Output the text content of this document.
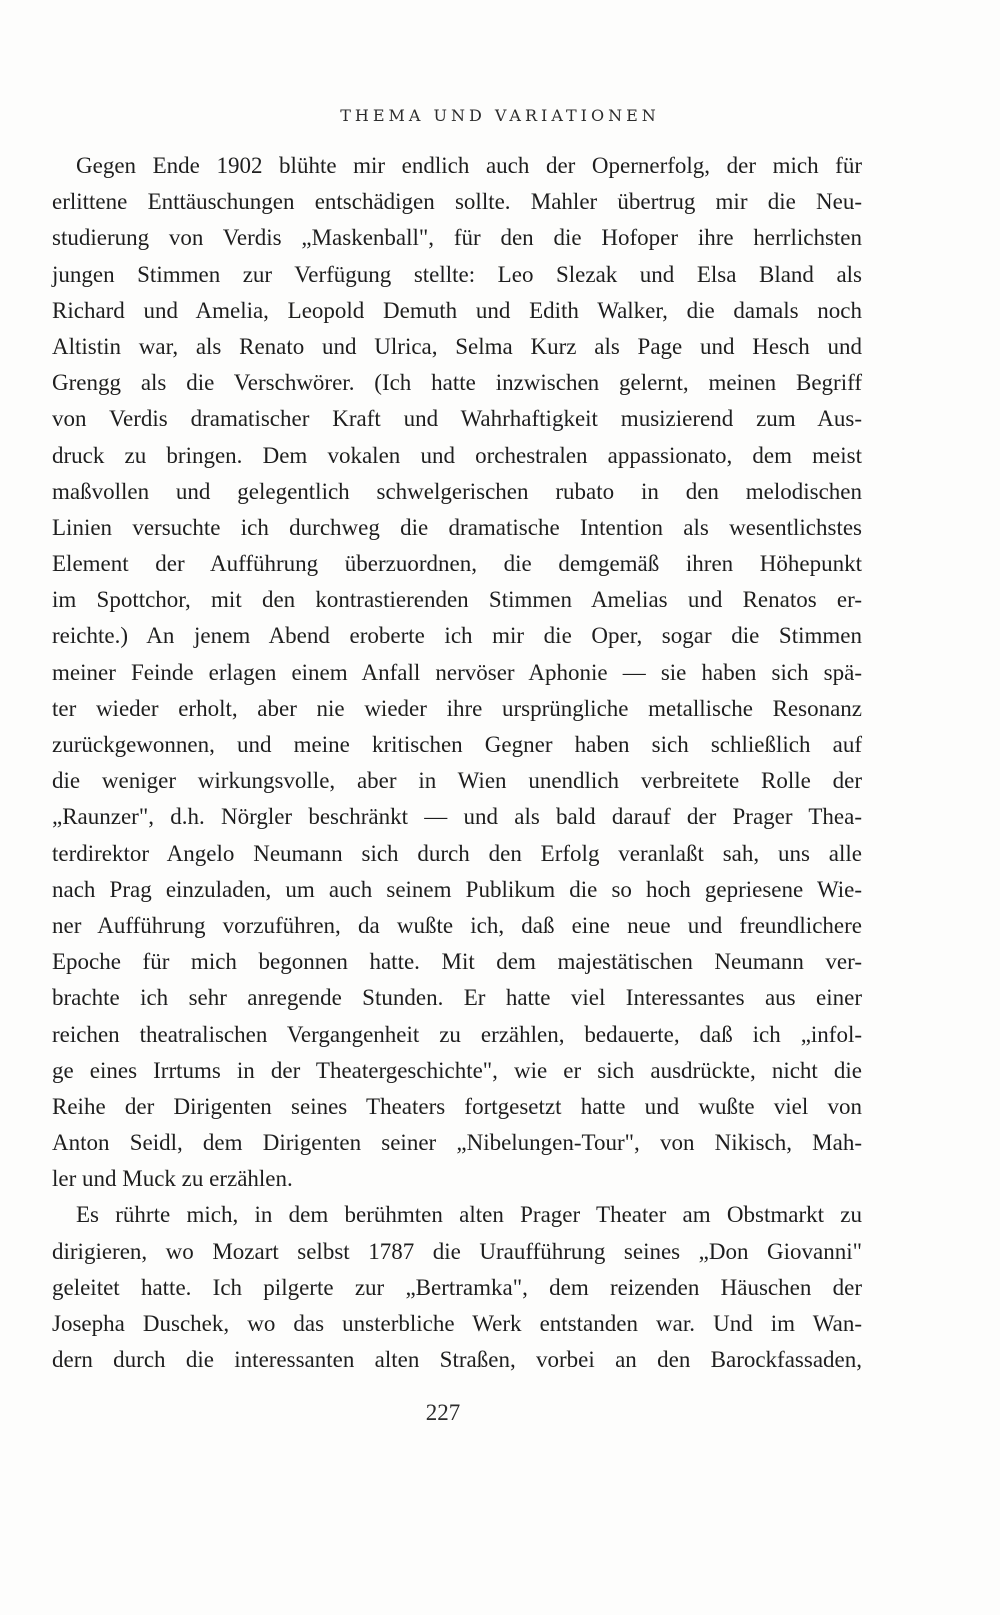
THEMA UND VARIATIONEN
Gegen Ende 1902 blühte mir endlich auch der Opernerfolg, der mich für
erlittene Enttäuschungen entschädigen sollte. Mahler übertrug mir die Neu-
studierung von Verdis „Maskenball", für den die Hofoper ihre herrlichsten
jungen Stimmen zur Verfügung stellte: Leo Slezak und Elsa Bland als
Richard und Amelia, Leopold Demuth und Edith Walker, die damals noch
Altistin war, als Renato und Ulrica, Selma Kurz als Page und Hesch und
Grengg als die Verschwörer. (Ich hatte inzwischen gelernt, meinen Begriff
von Verdis dramatischer Kraft und Wahrhaftigkeit musizierend zum Aus-
druck zu bringen. Dem vokalen und orchestralen appassionato, dem meist
maßvollen und gelegentlich schwelgerischen rubato in den melodischen
Linien versuchte ich durchweg die dramatische Intention als wesentlichstes
Element der Aufführung überzuordnen, die demgemäß ihren Höhepunkt
im Spottchor, mit den kontrastierenden Stimmen Amelias und Renatos er-
reichte.) An jenem Abend eroberte ich mir die Oper, sogar die Stimmen
meiner Feinde erlagen einem Anfall nervöser Aphonie — sie haben sich spä-
ter wieder erholt, aber nie wieder ihre ursprüngliche metallische Resonanz
zurückgewonnen, und meine kritischen Gegner haben sich schließlich auf
die weniger wirkungsvolle, aber in Wien unendlich verbreitete Rolle der
„Raunzer", d.h. Nörgler beschränkt — und als bald darauf der Prager Thea-
terdirektor Angelo Neumann sich durch den Erfolg veranlaßt sah, uns alle
nach Prag einzuladen, um auch seinem Publikum die so hoch gepriesene Wie-
ner Aufführung vorzuführen, da wußte ich, daß eine neue und freundlichere
Epoche für mich begonnen hatte. Mit dem majestätischen Neumann ver-
brachte ich sehr anregende Stunden. Er hatte viel Interessantes aus einer
reichen theatralischen Vergangenheit zu erzählen, bedauerte, daß ich „infol-
ge eines Irrtums in der Theatergeschichte", wie er sich ausdrückte, nicht die
Reihe der Dirigenten seines Theaters fortgesetzt hatte und wußte viel von
Anton Seidl, dem Dirigenten seiner „Nibelungen-Tour", von Nikisch, Mah-
ler und Muck zu erzählen.
Es rührte mich, in dem berühmten alten Prager Theater am Obstmarkt zu
dirigieren, wo Mozart selbst 1787 die Uraufführung seines „Don Giovanni"
geleitet hatte. Ich pilgerte zur „Bertramka", dem reizenden Häuschen der
Josepha Duschek, wo das unsterbliche Werk entstanden war. Und im Wan-
dern durch die interessanten alten Straßen, vorbei an den Barockfassaden,
227
